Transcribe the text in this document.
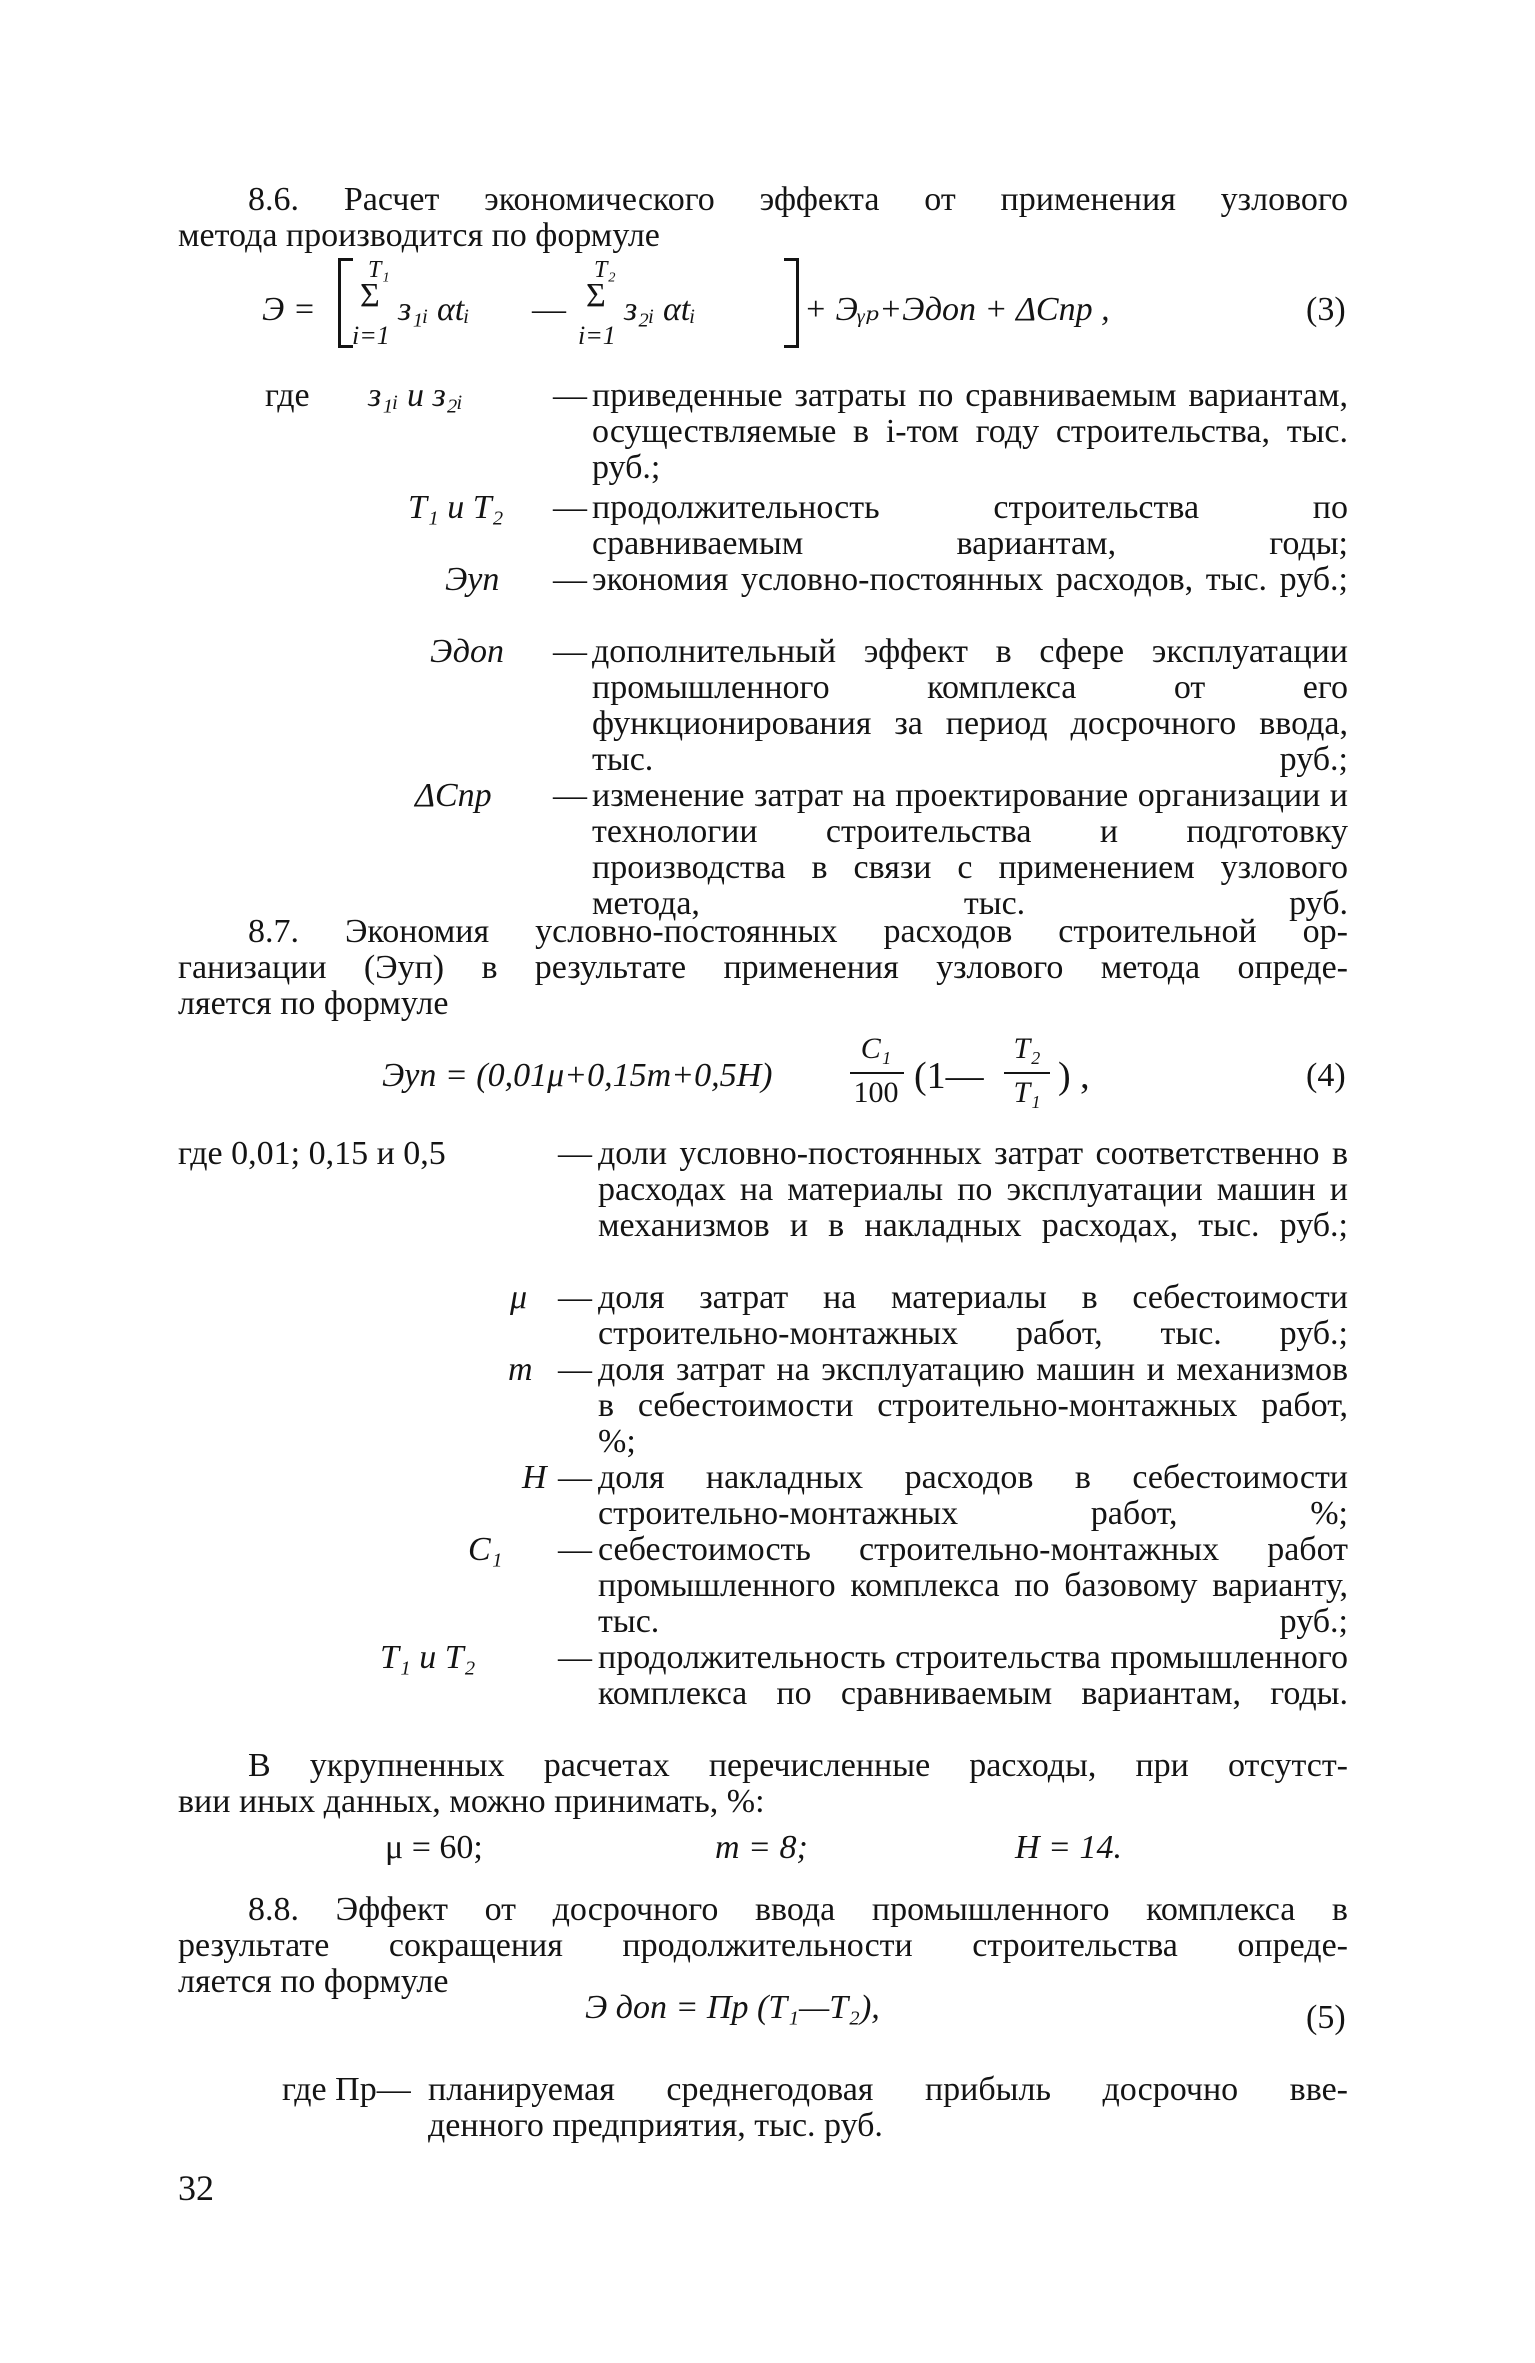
8.6. Расчет экономического эффекта от применения узлового
метода производится по формуле
Э =
T₁
Σ
i=1
з₁ᵢ αtᵢ —
T₂
Σ
i=1
з₂ᵢ αtᵢ	+ Эᵧₚ+Эдоп + ΔCпр ,	(3)
где з₁ᵢ и з₂ᵢ	— приведенные затраты по сравниваемым вариантам, осуществляемые в i-том году строительства, тыс. руб.;
T₁ и T₂ — продолжительность строительства по сравниваемым вариантам, годы;
Эуп — экономия условно-постоянных расходов, тыс. руб.;
Эдоп — дополнительный эффект в сфере эксплуатации промышленного комплекса от его функционирования за период досрочного ввода, тыс. руб.;
ΔCпр — изменение затрат на проектирование организации и технологии строительства и подготовку производства в связи с применением узлового метода, тыс. руб.
8.7. Экономия условно-постоянных расходов строительной ор-
ганизации (Эуп) в результате применения узлового метода опреде-
ляется по формуле
Эуп = (0,01μ+0,15m+0,5H)
C₁
100 (1—
T₂
T₁ ) ,	(4)
где 0,01; 0,15 и 0,5	— доли условно-постоянных затрат соответственно в расходах на материалы по эксплуатации машин и механизмов и в накладных расходах, тыс. руб.;
μ — доля затрат на материалы в себестоимости строительно-монтажных работ, тыс. руб.;
m — доля затрат на эксплуатацию машин и механизмов в себестоимости строительно-монтажных работ, %;
H — доля накладных расходов в себестоимости строительно-монтажных работ, %;
C₁ — себестоимость строительно-монтажных работ промышленного комплекса по базовому варианту, тыс. руб.;
T₁ и T₂ — продолжительность строительства промышленного комплекса по сравниваемым вариантам, годы.
В укрупненных расчетах перечисленные расходы, при отсутст-
вии иных данных, можно принимать, %:
μ = 60;	m = 8;	H = 14.
8.8. Эффект от досрочного ввода промышленного комплекса в
результате сокращения продолжительности строительства опреде-
ляется по формуле
Э доп = Пр (T₁—T₂),	(5)
где Пр— планируемая среднегодовая прибыль досрочно вве-
денного предприятия, тыс. руб.
32
